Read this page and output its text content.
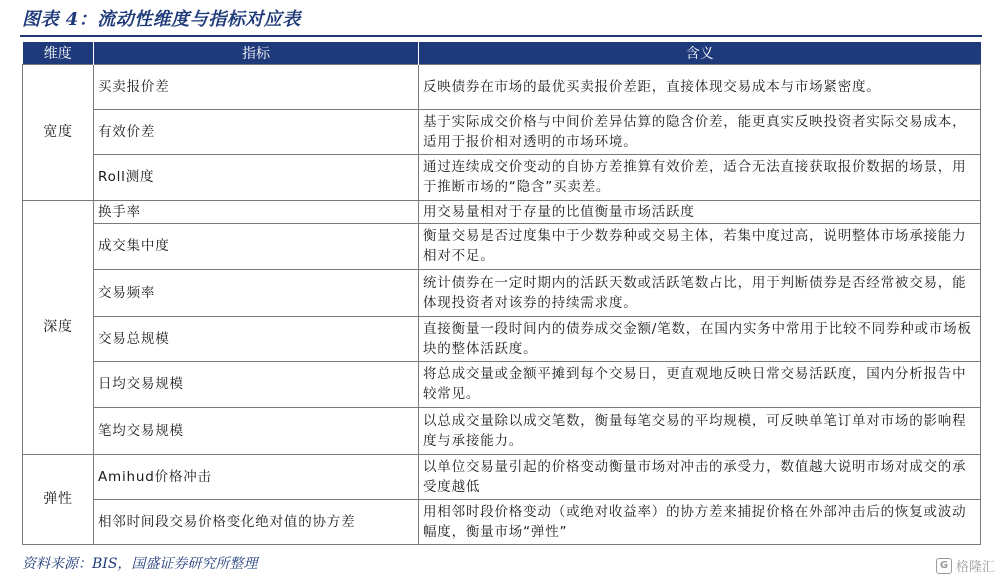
图表 4：流动性维度与指标对应表
维度	指标	含义
宽度	买卖报价差	反映债券在市场的最优买卖报价差距，直接体现交易成本与市场紧密度。
	有效价差	基于实际成交价格与中间价差异估算的隐含价差，能更真实反映投资者实际交易成本，适用于报价相对透明的市场环境。
	Roll测度	通过连续成交价变动的自协方差推算有效价差，适合无法直接获取报价数据的场景，用于推断市场的“隐含”买卖差。
深度	换手率	用交易量相对于存量的比值衡量市场活跃度
	成交集中度	衡量交易是否过度集中于少数券种或交易主体，若集中度过高，说明整体市场承接能力相对不足。
	交易频率	统计债券在一定时期内的活跃天数或活跃笔数占比，用于判断债券是否经常被交易，能体现投资者对该券的持续需求度。
	交易总规模	直接衡量一段时间内的债券成交金额/笔数，在国内实务中常用于比较不同券种或市场板块的整体活跃度。
	日均交易规模	将总成交量或金额平摊到每个交易日，更直观地反映日常交易活跃度，国内分析报告中较常见。
	笔均交易规模	以总成交量除以成交笔数，衡量每笔交易的平均规模，可反映单笔订单对市场的影响程度与承接能力。
弹性	Amihud价格冲击	以单位交易量引起的价格变动衡量市场对冲击的承受力，数值越大说明市场对成交的承受度越低
	相邻时间段交易价格变化绝对值的协方差	用相邻时段价格变动（或绝对收益率）的协方差来捕捉价格在外部冲击后的恢复或波动幅度，衡量市场“弹性”
资料来源：BIS，国盛证券研究所整理	G 格隆汇
